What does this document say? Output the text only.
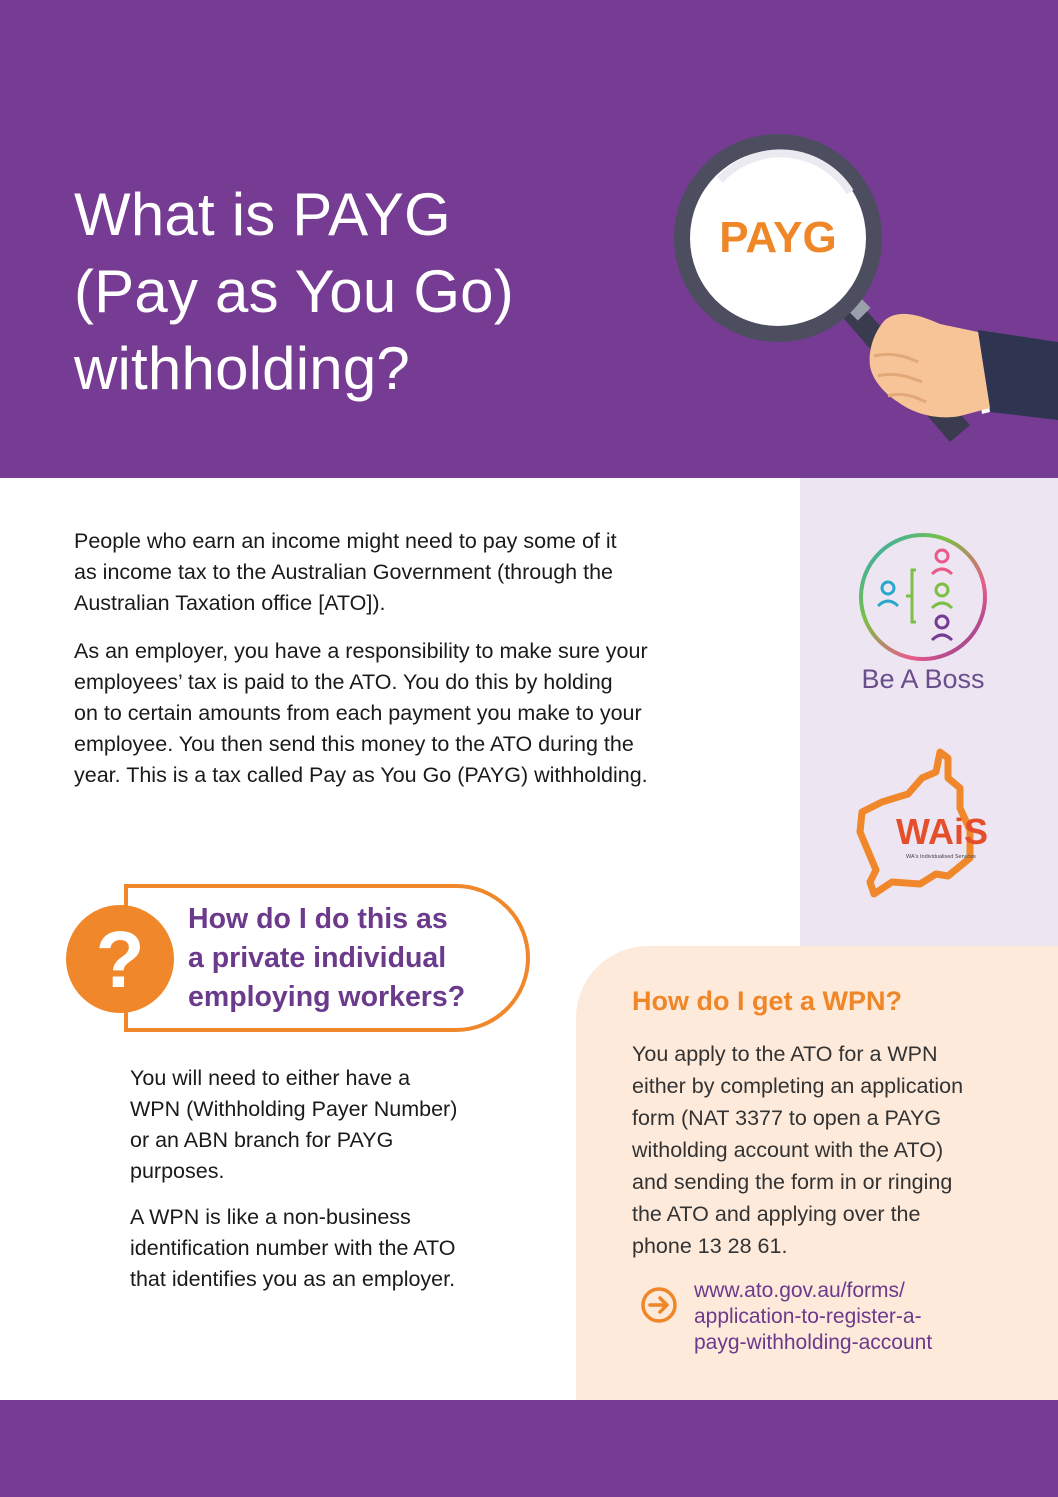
What is PAYG
(Pay as You Go)
withholding?
PAYG
Be A Boss
WAiS
WA's Individualised Services

People who earn an income might need to pay some of it
as income tax to the Australian Government (through the
Australian Taxation office [ATO]).

As an employer, you have a responsibility to make sure your
employees’ tax is paid to the ATO. You do this by holding
on to certain amounts from each payment you make to your
employee. You then send this money to the ATO during the
year. This is a tax called Pay as You Go (PAYG) withholding.

? How do I do this as
a private individual
employing workers?

You will need to either have a
WPN (Withholding Payer Number)
or an ABN branch for PAYG
purposes.

A WPN is like a non-business
identification number with the ATO
that identifies you as an employer.

How do I get a WPN?

You apply to the ATO for a WPN
either by completing an application
form (NAT 3377 to open a PAYG
witholding account with the ATO)
and sending the form in or ringing
the ATO and applying over the
phone 13 28 61.

www.ato.gov.au/forms/
application-to-register-a-
payg-withholding-account
